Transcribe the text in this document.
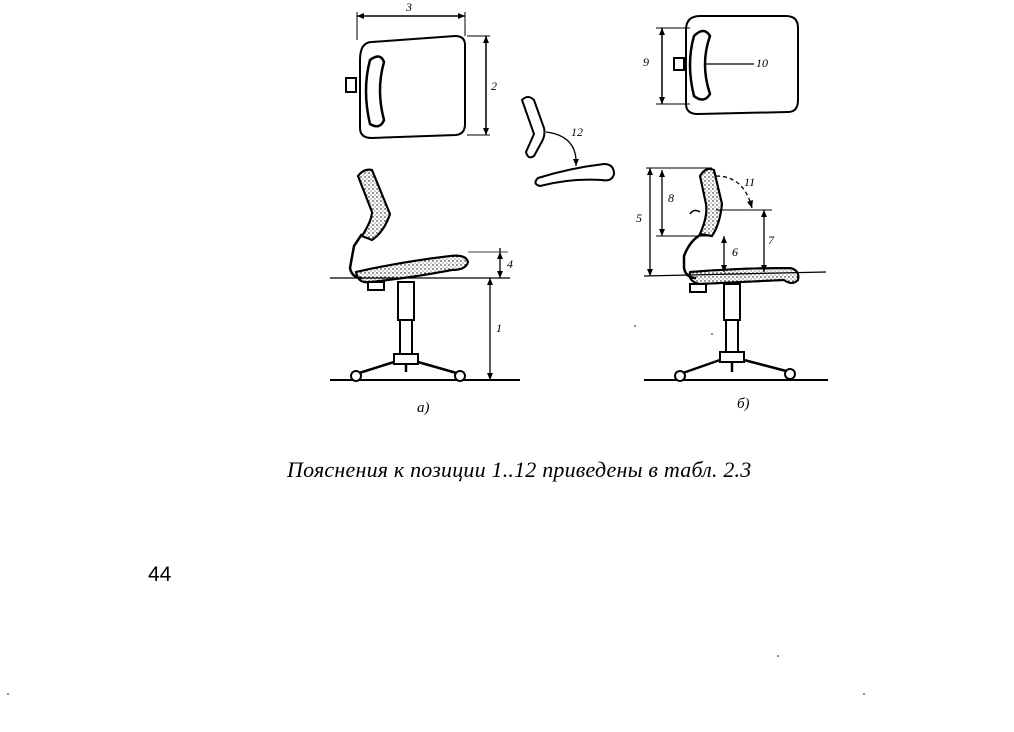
3
2
12
9	10
1
4
а)
5
8
6
7
11
б)
Пояснения к позиции 1..12 приведены в табл. 2.3
44
